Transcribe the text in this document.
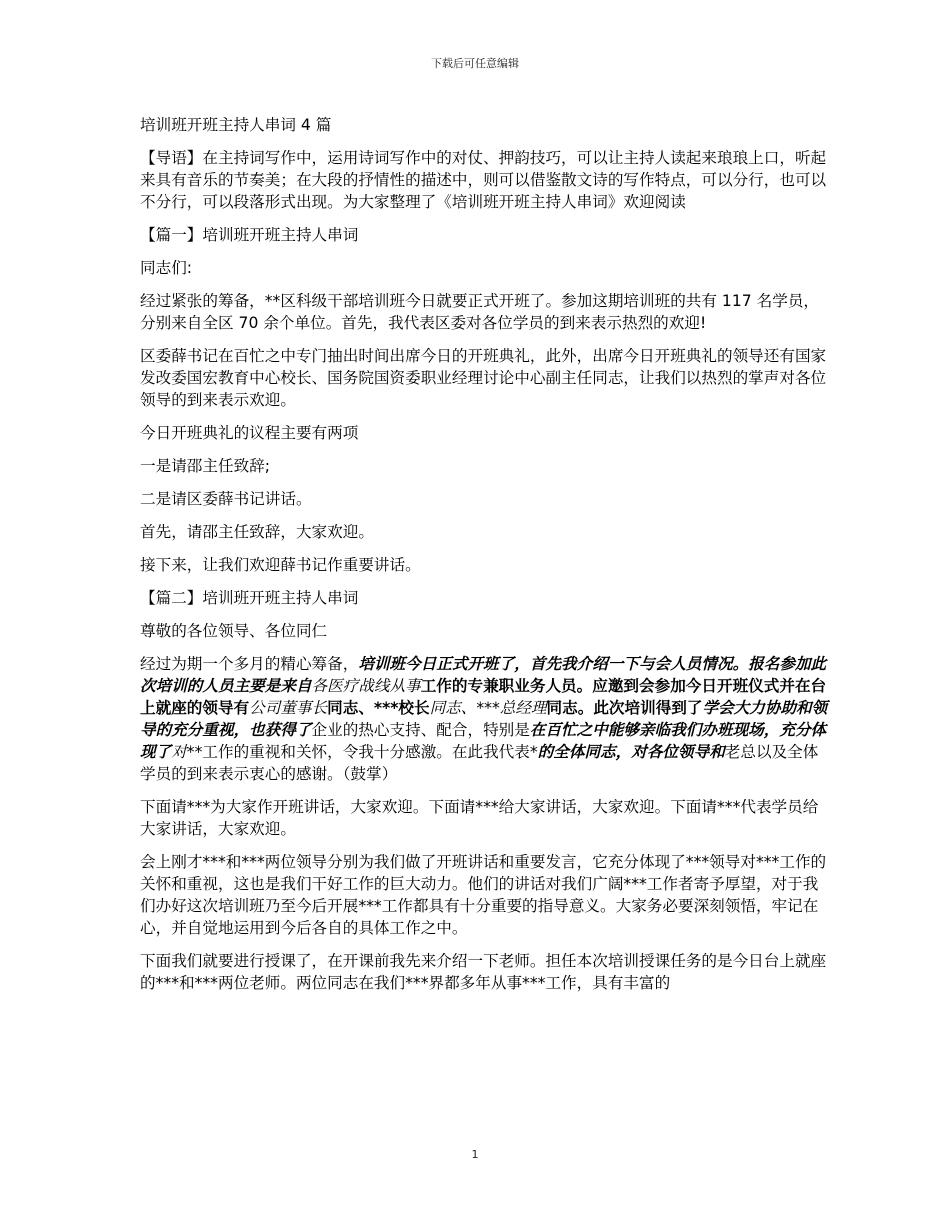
下载后可任意编辑

培训班开班主持人串词 4 篇

【导语】在主持词写作中，运用诗词写作中的对仗、押韵技巧，可以让主持人读起来琅琅上口，听起来具有音乐的节奏美；在大段的抒情性的描述中，则可以借鉴散文诗的写作特点，可以分行，也可以不分行，可以段落形式出现。为大家整理了《培训班开班主持人串词》欢迎阅读

【篇一】培训班开班主持人串词

同志们:

经过紧张的筹备，**区科级干部培训班今日就要正式开班了。参加这期培训班的共有 117 名学员，分别来自全区 70 余个单位。首先，我代表区委对各位学员的到来表示热烈的欢迎!

区委薛书记在百忙之中专门抽出时间出席今日的开班典礼，此外，出席今日开班典礼的领导还有国家发改委国宏教育中心校长、国务院国资委职业经理讨论中心副主任同志，让我们以热烈的掌声对各位领导的到来表示欢迎。

今日开班典礼的议程主要有两项

一是请邵主任致辞;

二是请区委薛书记讲话。

首先，请邵主任致辞，大家欢迎。

接下来，让我们欢迎薛书记作重要讲话。

【篇二】培训班开班主持人串词

尊敬的各位领导、各位同仁

经过为期一个多月的精心筹备，培训班今日正式开班了，首先我介绍一下与会人员情况。报名参加此次培训的人员主要是来自各医疗战线从事工作的专兼职业务人员。应邀到会参加今日开班仪式并在台上就座的领导有公司董事长同志、***校长同志、***总经理同志。此次培训得到了学会大力协助和领导的充分重视，也获得了企业的热心支持、配合，特别是在百忙之中能够亲临我们办班现场，充分体现了对**工作的重视和关怀，令我十分感激。在此我代表*的全体同志，对各位领导和老总以及全体学员的到来表示衷心的感谢。（鼓掌）

下面请***为大家作开班讲话，大家欢迎。下面请***给大家讲话，大家欢迎。下面请***代表学员给大家讲话，大家欢迎。

会上刚才***和***两位领导分别为我们做了开班讲话和重要发言，它充分体现了***领导对***工作的关怀和重视，这也是我们干好工作的巨大动力。他们的讲话对我们广阔***工作者寄予厚望，对于我们办好这次培训班乃至今后开展***工作都具有十分重要的指导意义。大家务必要深刻领悟，牢记在心，并自觉地运用到今后各自的具体工作之中。

下面我们就要进行授课了，在开课前我先来介绍一下老师。担任本次培训授课任务的是今日台上就座的***和***两位老师。两位同志在我们***界都多年从事***工作，具有丰富的

1
